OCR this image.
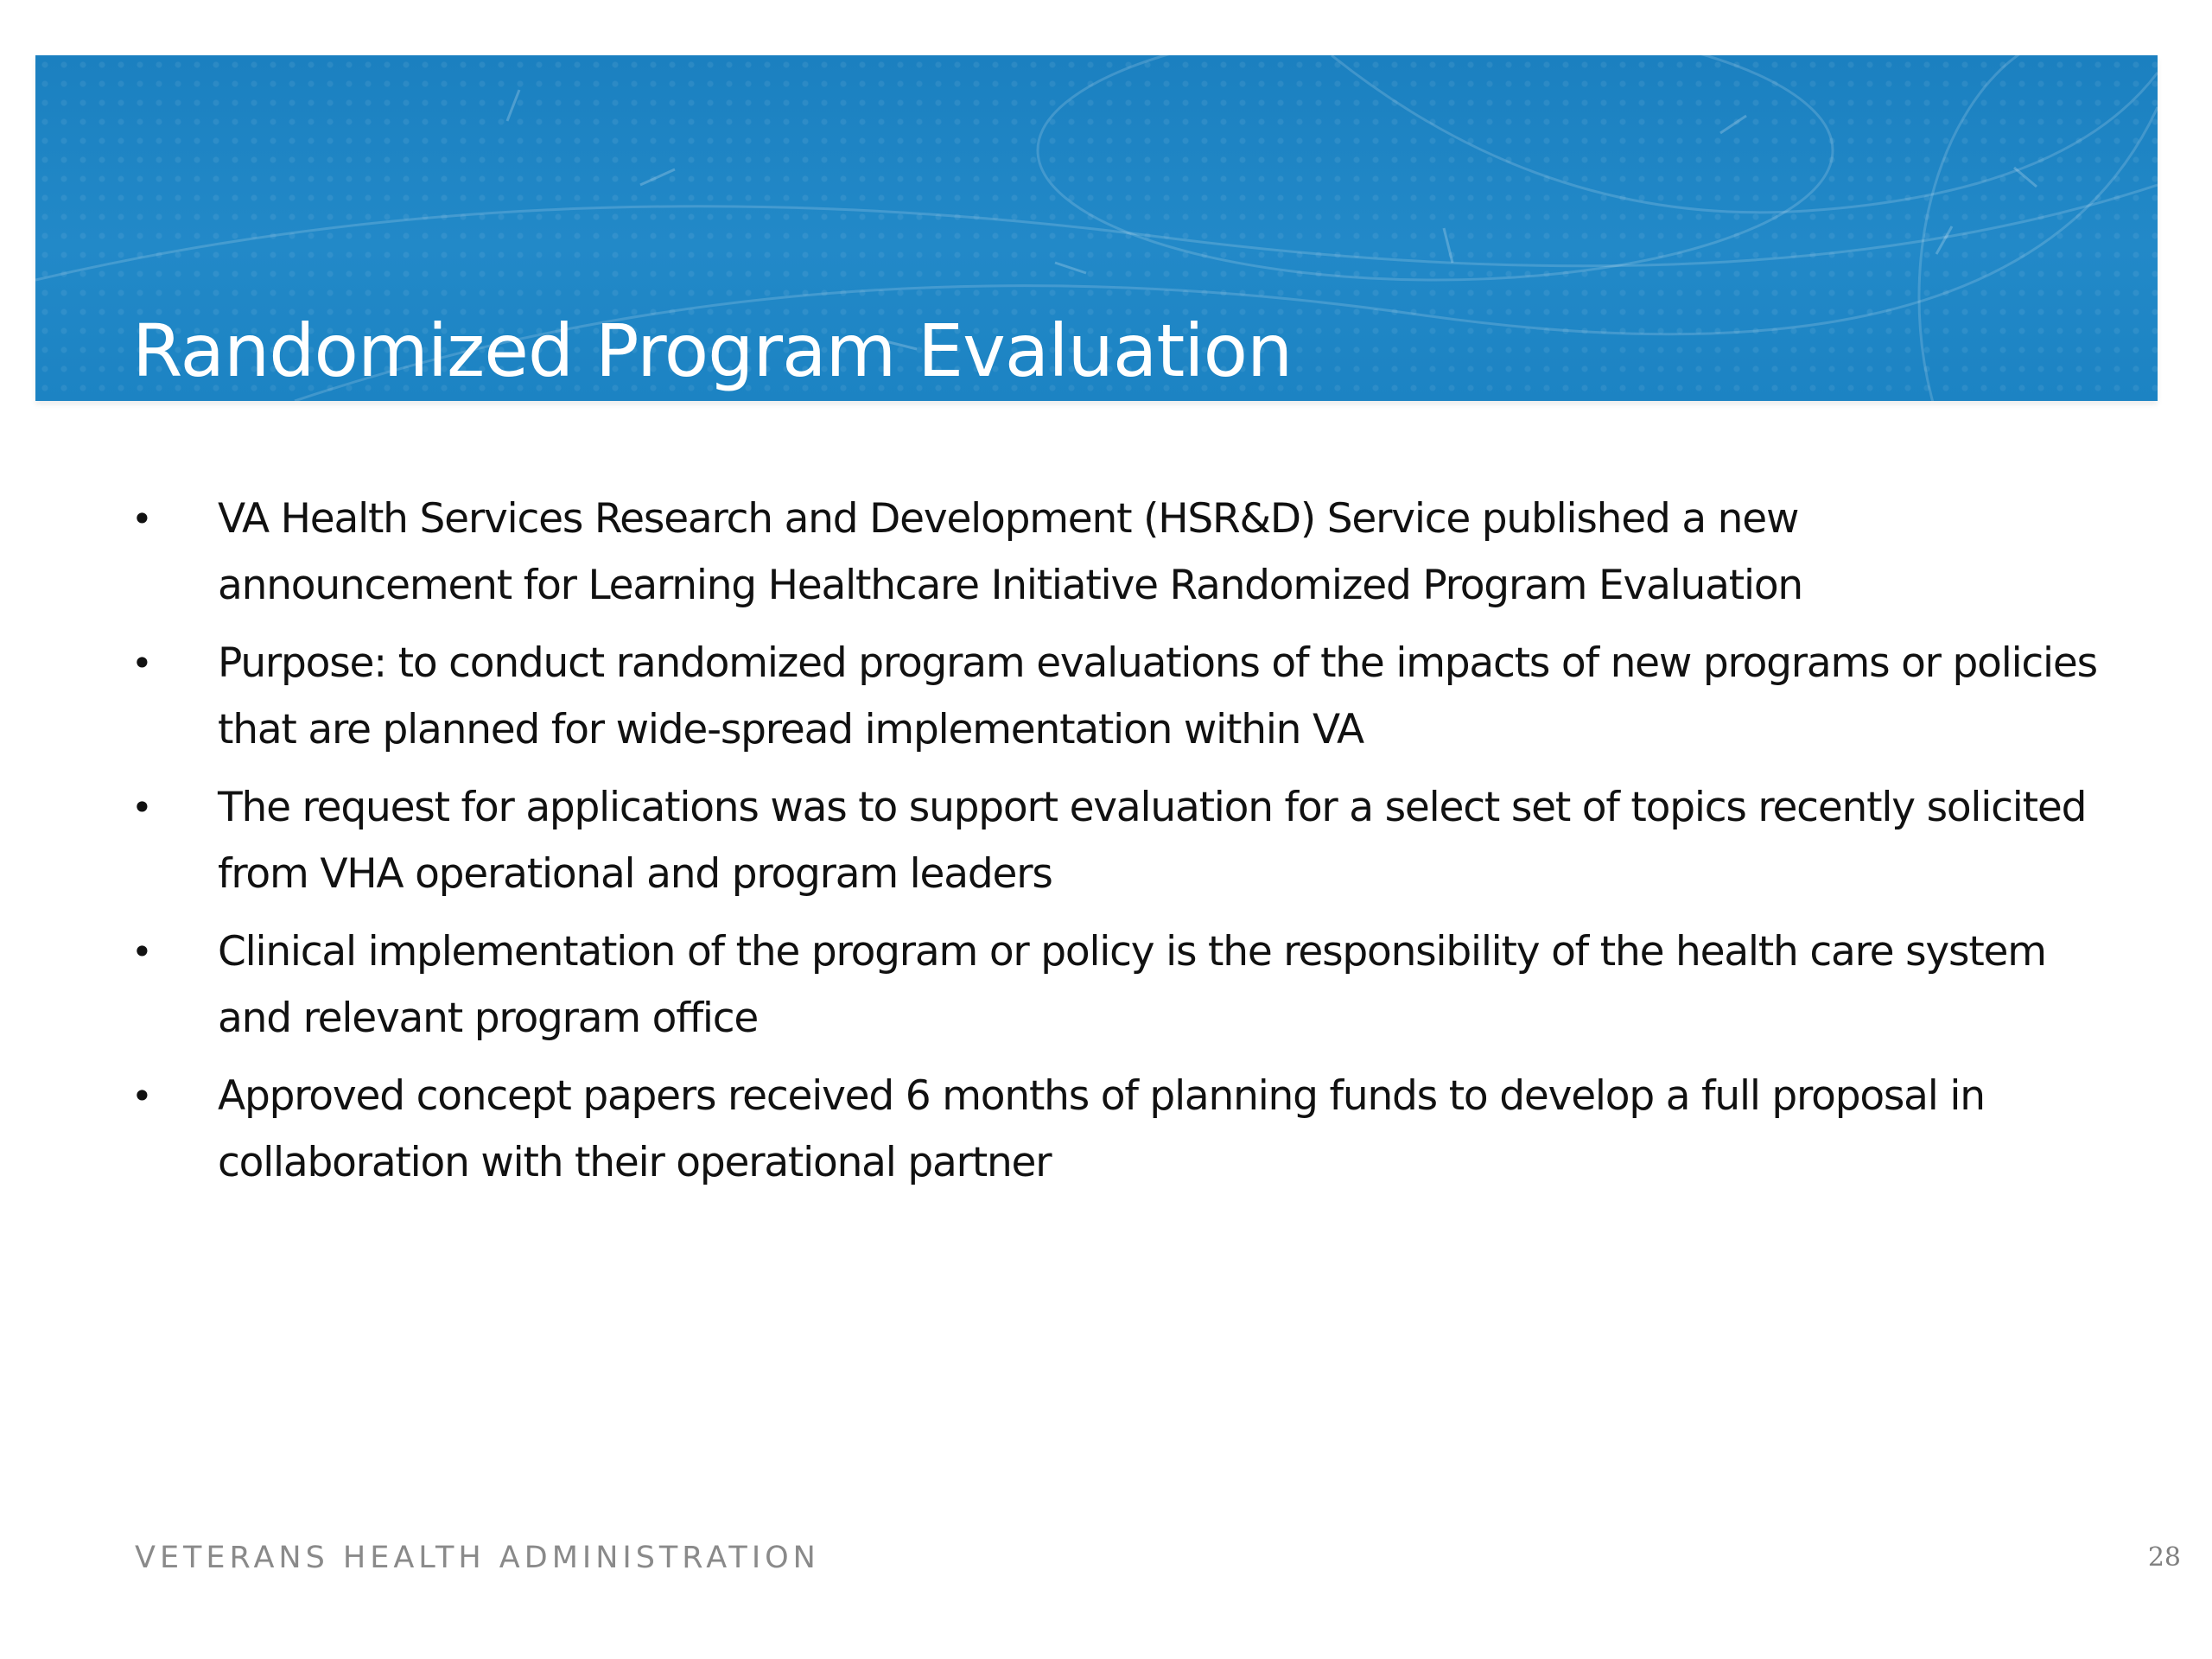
Randomized Program Evaluation
• VA Health Services Research and Development (HSR&D) Service published a new announcement for Learning Healthcare Initiative Randomized Program Evaluation
• Purpose: to conduct randomized program evaluations of the impacts of new programs or policies that are planned for wide-spread implementation within VA
• The request for applications was to support evaluation for a select set of topics recently solicited from VHA operational and program leaders
• Clinical implementation of the program or policy is the responsibility of the health care system and relevant program office
• Approved concept papers received 6 months of planning funds to develop a full proposal in collaboration with their operational partner

VETERANS HEALTH ADMINISTRATION	28
